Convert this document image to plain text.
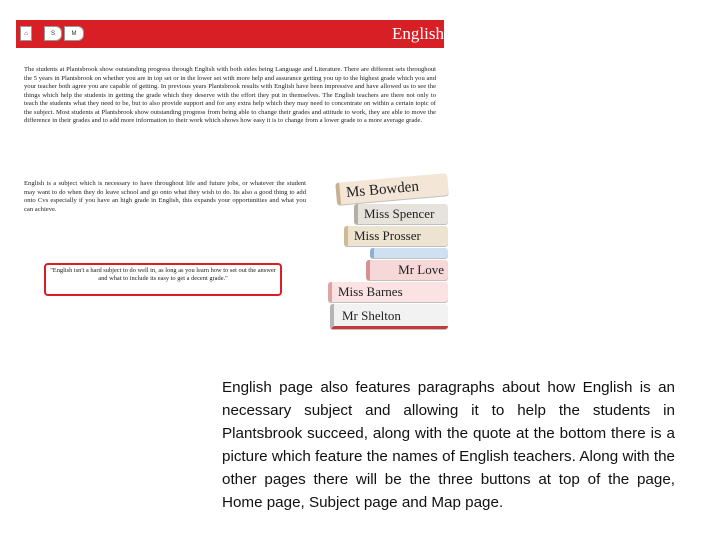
⌂	S	M	English

The students at Plantsbrook show outstanding progress through English with both sides being Language and Literature. There are different sets throughout the 5 years in Plantsbrook on whether you are in top set or in the lower set with more help and assurance getting you up to the highest grade which you and your teacher both agree you are capable of getting. In previous years Plantsbrook results with English have been impressive and have allowed us to see the things which help the students in getting the grade which they deserve with the effort they put in themselves. The English teachers are there not only to teach the students what they need to be, but to also provide support and for any extra help which they may need to concentrate on within a certain topic of the subject. Most students at Plantsbrook show outstanding progress from being able to change their grades and attitude to work, they are able to move the difference in their grades and to add more information to their work which shows how easy it is to change from a lower grade to a more average grade.

English is a subject which is necessary to have throughout life and future jobs, or whatever the student may want to do when they do leave school and go onto what they wish to do. Its also a good thing to add onto Cvs especially if you have an high grade in English, this expands your opportunities and what you can achieve.

"English isn't a hard subject to do well in, as long as you learn how to set out the answer and what to include its easy to get a decent grade."
Ms Bowden
Miss Spencer
Miss Prosser
Mr Love
Miss Barnes
Mr Shelton

English page also features paragraphs about how English is an necessary subject and allowing it to help the students in Plantsbrook succeed, along with the quote at the bottom there is a picture which feature the names of English teachers. Along with the other pages there will be the three buttons at top of the page, Home page, Subject page and Map page.
